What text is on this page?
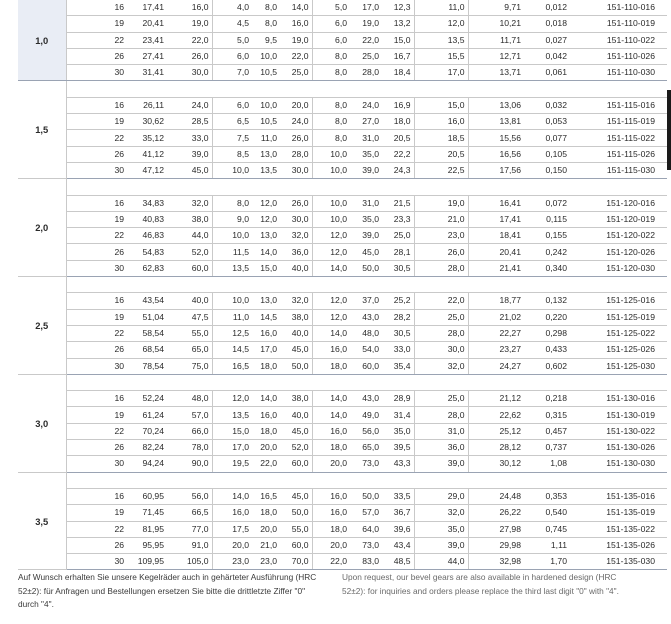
1,0	16	17,41	16,0	4,0	8,0	14,0	5,0	17,0	12,3	11,0	9,71	0,012	151-110-016
	19	20,41	19,0	4,5	8,0	16,0	6,0	19,0	13,2	12,0	10,21	0,018	151-110-019
	22	23,41	22,0	5,0	9,5	19,0	6,0	22,0	15,0	13,5	11,71	0,027	151-110-022
	26	27,41	26,0	6,0	10,0	22,0	8,0	25,0	16,7	15,5	12,71	0,042	151-110-026
	30	31,41	30,0	7,0	10,5	25,0	8,0	28,0	18,4	17,0	13,71	0,061	151-110-030
1,5													
	16	26,11	24,0	6,0	10,0	20,0	8,0	24,0	16,9	15,0	13,06	0,032	151-115-016
	19	30,62	28,5	6,5	10,5	24,0	8,0	27,0	18,0	16,0	13,81	0,053	151-115-019
	22	35,12	33,0	7,5	11,0	26,0	8,0	31,0	20,5	18,5	15,56	0,077	151-115-022
	26	41,12	39,0	8,5	13,0	28,0	10,0	35,0	22,2	20,5	16,56	0,105	151-115-026
	30	47,12	45,0	10,0	13,5	30,0	10,0	39,0	24,3	22,5	17,56	0,150	151-115-030
2,0													
	16	34,83	32,0	8,0	12,0	26,0	10,0	31,0	21,5	19,0	16,41	0,072	151-120-016
	19	40,83	38,0	9,0	12,0	30,0	10,0	35,0	23,3	21,0	17,41	0,115	151-120-019
	22	46,83	44,0	10,0	13,0	32,0	12,0	39,0	25,0	23,0	18,41	0,155	151-120-022
	26	54,83	52,0	11,5	14,0	36,0	12,0	45,0	28,1	26,0	20,41	0,242	151-120-026
	30	62,83	60,0	13,5	15,0	40,0	14,0	50,0	30,5	28,0	21,41	0,340	151-120-030
2,5													
	16	43,54	40,0	10,0	13,0	32,0	12,0	37,0	25,2	22,0	18,77	0,132	151-125-016
	19	51,04	47,5	11,0	14,5	38,0	12,0	43,0	28,2	25,0	21,02	0,220	151-125-019
	22	58,54	55,0	12,5	16,0	40,0	14,0	48,0	30,5	28,0	22,27	0,298	151-125-022
	26	68,54	65,0	14,5	17,0	45,0	16,0	54,0	33,0	30,0	23,27	0,433	151-125-026
	30	78,54	75,0	16,5	18,0	50,0	18,0	60,0	35,4	32,0	24,27	0,602	151-125-030
3,0													
	16	52,24	48,0	12,0	14,0	38,0	14,0	43,0	28,9	25,0	21,12	0,218	151-130-016
	19	61,24	57,0	13,5	16,0	40,0	14,0	49,0	31,4	28,0	22,62	0,315	151-130-019
	22	70,24	66,0	15,0	18,0	45,0	16,0	56,0	35,0	31,0	25,12	0,457	151-130-022
	26	82,24	78,0	17,0	20,0	52,0	18,0	65,0	39,5	36,0	28,12	0,737	151-130-026
	30	94,24	90,0	19,5	22,0	60,0	20,0	73,0	43,3	39,0	30,12	1,08	151-130-030
3,5													
	16	60,95	56,0	14,0	16,5	45,0	16,0	50,0	33,5	29,0	24,48	0,353	151-135-016
	19	71,45	66,5	16,0	18,0	50,0	16,0	57,0	36,7	32,0	26,22	0,540	151-135-019
	22	81,95	77,0	17,5	20,0	55,0	18,0	64,0	39,6	35,0	27,98	0,745	151-135-022
	26	95,95	91,0	20,0	21,0	60,0	20,0	73,0	43,4	39,0	29,98	1,11	151-135-026
	30	109,95	105,0	23,0	23,0	70,0	22,0	83,0	48,5	44,0	32,98	1,70	151-135-030
Auf Wunsch erhalten Sie unsere Kegelräder auch in gehärteter Ausführung (HRC 52±2): für Anfragen und Bestellungen ersetzen Sie bitte die drittletzte Ziffer "0" durch "4".
Upon request, our bevel gears are also available in hardened design (HRC 52±2): for inquiries and orders please replace the third last digit "0" with "4".
